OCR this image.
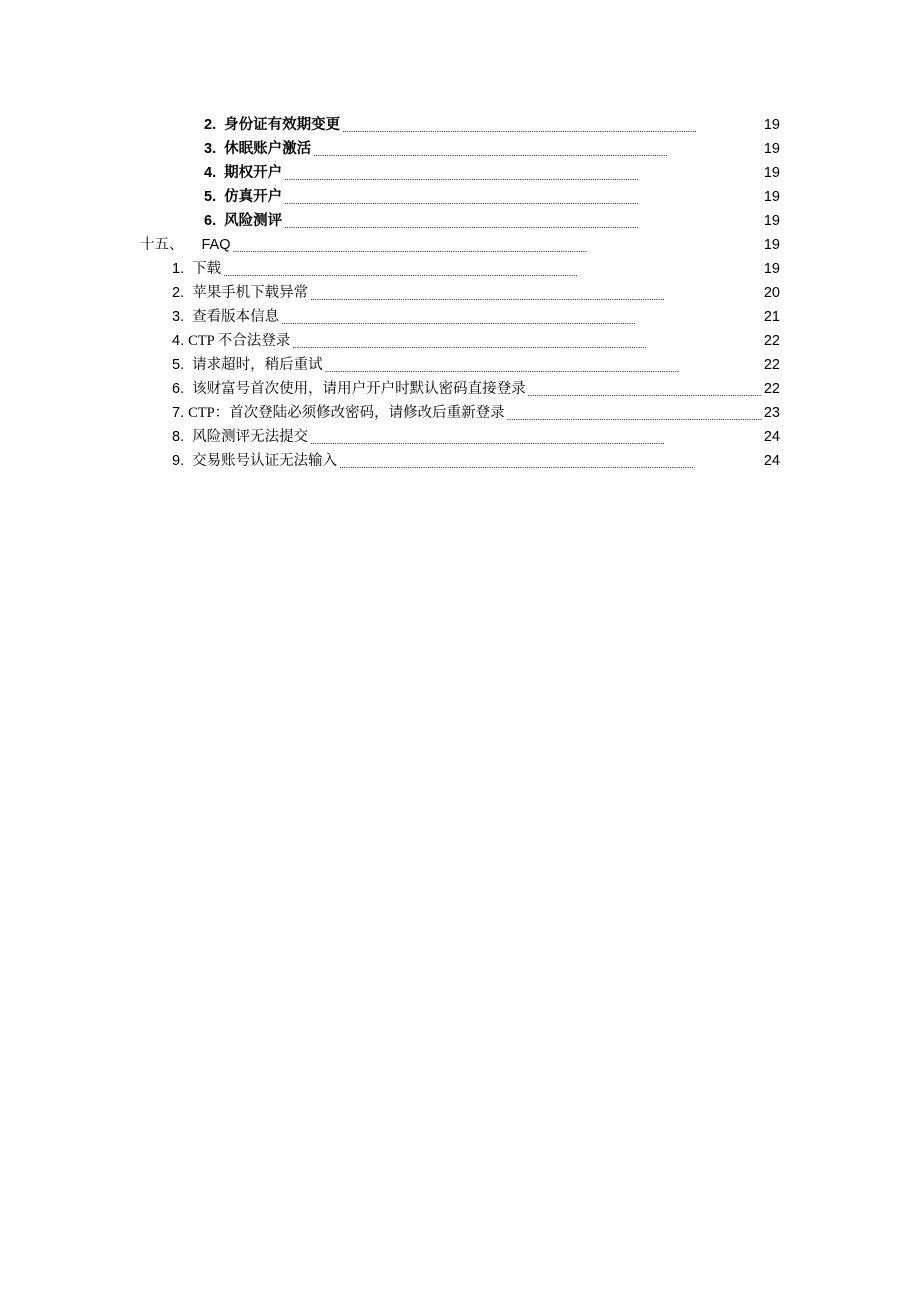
2. 身份证有效期变更 . . .	19
3. 休眠账户激活 . . .	19
4. 期权开户 . . .	19
5. 仿真开户 . . .	19
6. 风险测评 . . .	19
十五、 FAQ . . .	19
1. 下载 . . .	19
2. 苹果手机下载异常 . . .	20
3. 查看版本信息 . . .	21
4. CTP 不合法登录 . . .	22
5. 请求超时，稍后重试 . . .	22
6. 该财富号首次使用，请用户开户时默认密码直接登录 . . .	22
7. CTP：首次登陆必须修改密码，请修改后重新登录 . . .	23
8. 风险测评无法提交 . . .	24
9. 交易账号认证无法输入 . . .	24
